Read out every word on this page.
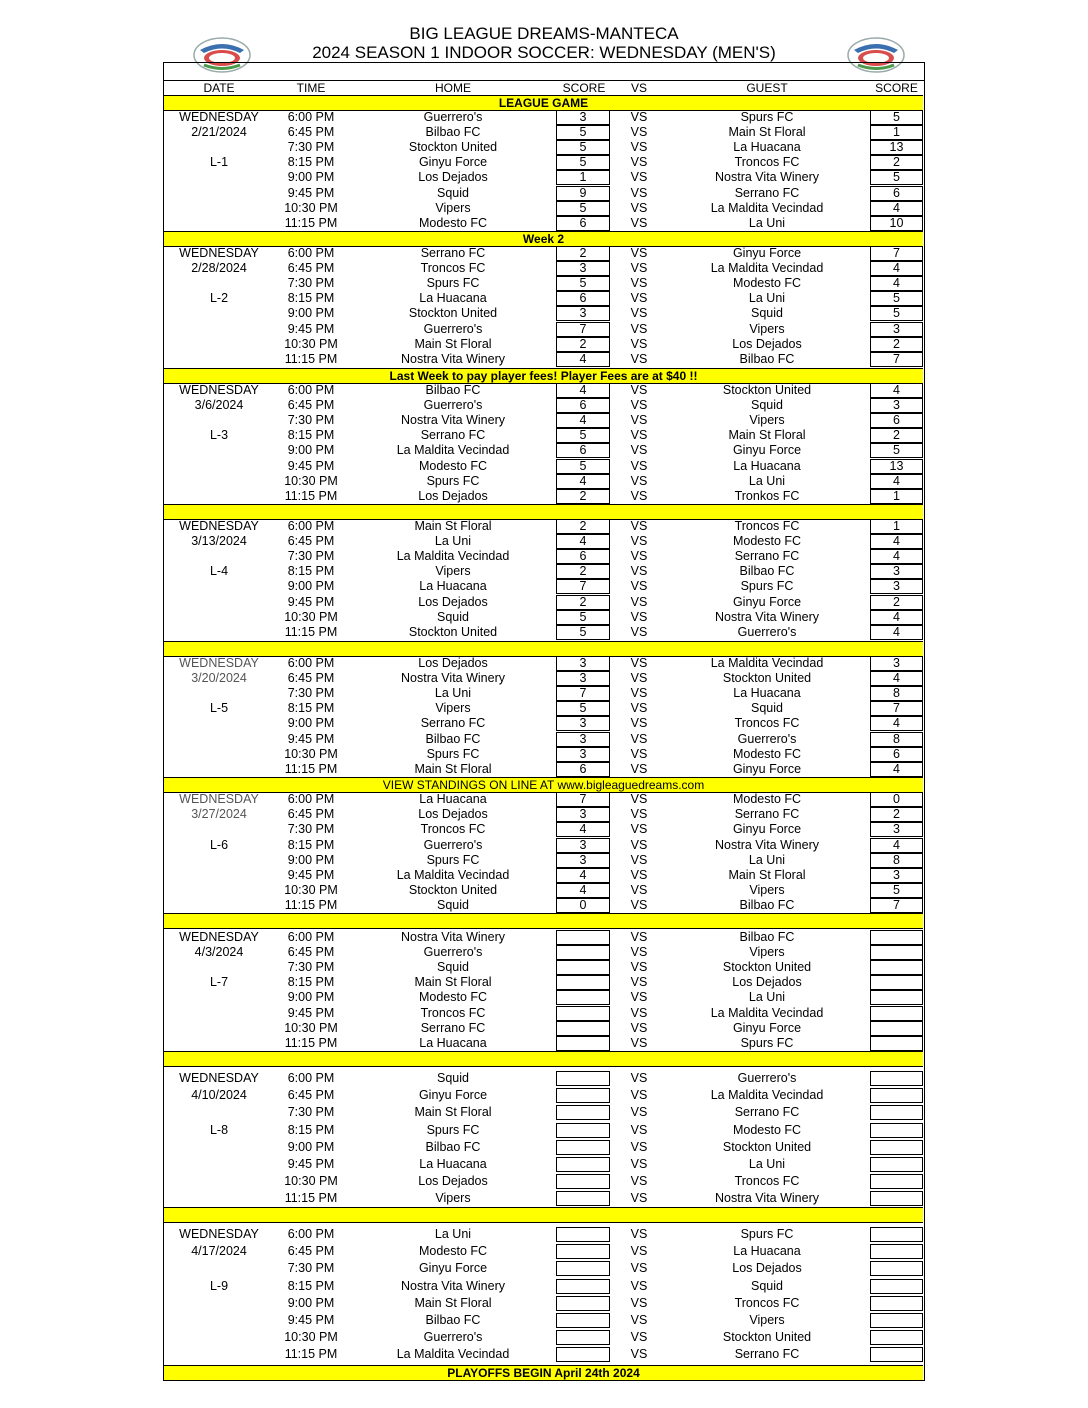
BIG LEAGUE DREAMS-MANTECA
2024 SEASON 1 INDOOR SOCCER: WEDNESDAY (MEN'S)
DATE	TIME	HOME	SCORE	VS	GUEST	SCORE
LEAGUE GAME
WEDNESDAY	6:00 PM	Guerrero's	3	VS	Spurs FC	5
2/21/2024	6:45 PM	Bilbao FC	5	VS	Main St Floral	1
7:30 PM	Stockton United	5	VS	La Huacana	13
L-1	8:15 PM	Ginyu Force	5	VS	Troncos FC	2
9:00 PM	Los Dejados	1	VS	Nostra Vita Winery	5
9:45 PM	Squid	9	VS	Serrano FC	6
10:30 PM	Vipers	5	VS	La Maldita Vecindad	4
11:15 PM	Modesto FC	6	VS	La Uni	10
Week 2
WEDNESDAY	6:00 PM	Serrano FC	2	VS	Ginyu Force	7
2/28/2024	6:45 PM	Troncos FC	3	VS	La Maldita Vecindad	4
7:30 PM	Spurs FC	5	VS	Modesto FC	4
L-2	8:15 PM	La Huacana	6	VS	La Uni	5
9:00 PM	Stockton United	3	VS	Squid	5
9:45 PM	Guerrero's	7	VS	Vipers	3
10:30 PM	Main St Floral	2	VS	Los Dejados	2
11:15 PM	Nostra Vita Winery	4	VS	Bilbao FC	7
Last Week to pay player fees! Player Fees are at $40 !!
WEDNESDAY	6:00 PM	Bilbao FC	4	VS	Stockton United	4
3/6/2024	6:45 PM	Guerrero's	6	VS	Squid	3
7:30 PM	Nostra Vita Winery	4	VS	Vipers	6
L-3	8:15 PM	Serrano FC	5	VS	Main St Floral	2
9:00 PM	La Maldita Vecindad	6	VS	Ginyu Force	5
9:45 PM	Modesto FC	5	VS	La Huacana	13
10:30 PM	Spurs FC	4	VS	La Uni	4
11:15 PM	Los Dejados	2	VS	Tronkos FC	1
WEDNESDAY	6:00 PM	Main St Floral	2	VS	Troncos FC	1
3/13/2024	6:45 PM	La Uni	4	VS	Modesto FC	4
7:30 PM	La Maldita Vecindad	6	VS	Serrano FC	4
L-4	8:15 PM	Vipers	2	VS	Bilbao FC	3
9:00 PM	La Huacana	7	VS	Spurs FC	3
9:45 PM	Los Dejados	2	VS	Ginyu Force	2
10:30 PM	Squid	5	VS	Nostra Vita Winery	4
11:15 PM	Stockton United	5	VS	Guerrero's	4
WEDNESDAY	6:00 PM	Los Dejados	3	VS	La Maldita Vecindad	3
3/20/2024	6:45 PM	Nostra Vita Winery	3	VS	Stockton United	4
7:30 PM	La Uni	7	VS	La Huacana	8
L-5	8:15 PM	Vipers	5	VS	Squid	7
9:00 PM	Serrano FC	3	VS	Troncos FC	4
9:45 PM	Bilbao FC	3	VS	Guerrero's	8
10:30 PM	Spurs FC	3	VS	Modesto FC	6
11:15 PM	Main St Floral	6	VS	Ginyu Force	4
VIEW STANDINGS ON LINE AT www.bigleaguedreams.com
WEDNESDAY	6:00 PM	La Huacana	7	VS	Modesto FC	0
3/27/2024	6:45 PM	Los Dejados	3	VS	Serrano FC	2
7:30 PM	Troncos FC	4	VS	Ginyu Force	3
L-6	8:15 PM	Guerrero's	3	VS	Nostra Vita Winery	4
9:00 PM	Spurs FC	3	VS	La Uni	8
9:45 PM	La Maldita Vecindad	4	VS	Main St Floral	3
10:30 PM	Stockton United	4	VS	Vipers	5
11:15 PM	Squid	0	VS	Bilbao FC	7
WEDNESDAY	6:00 PM	Nostra Vita Winery	VS	Bilbao FC
4/3/2024	6:45 PM	Guerrero's	VS	Vipers
7:30 PM	Squid	VS	Stockton United
L-7	8:15 PM	Main St Floral	VS	Los Dejados
9:00 PM	Modesto FC	VS	La Uni
9:45 PM	Troncos FC	VS	La Maldita Vecindad
10:30 PM	Serrano FC	VS	Ginyu Force
11:15 PM	La Huacana	VS	Spurs FC
WEDNESDAY	6:00 PM	Squid	VS	Guerrero's
4/10/2024	6:45 PM	Ginyu Force	VS	La Maldita Vecindad
7:30 PM	Main St Floral	VS	Serrano FC
L-8	8:15 PM	Spurs FC	VS	Modesto FC
9:00 PM	Bilbao FC	VS	Stockton United
9:45 PM	La Huacana	VS	La Uni
10:30 PM	Los Dejados	VS	Troncos FC
11:15 PM	Vipers	VS	Nostra Vita Winery
WEDNESDAY	6:00 PM	La Uni	VS	Spurs FC
4/17/2024	6:45 PM	Modesto FC	VS	La Huacana
7:30 PM	Ginyu Force	VS	Los Dejados
L-9	8:15 PM	Nostra Vita Winery	VS	Squid
9:00 PM	Main St Floral	VS	Troncos FC
9:45 PM	Bilbao FC	VS	Vipers
10:30 PM	Guerrero's	VS	Stockton United
11:15 PM	La Maldita Vecindad	VS	Serrano FC
PLAYOFFS BEGIN April 24th 2024
